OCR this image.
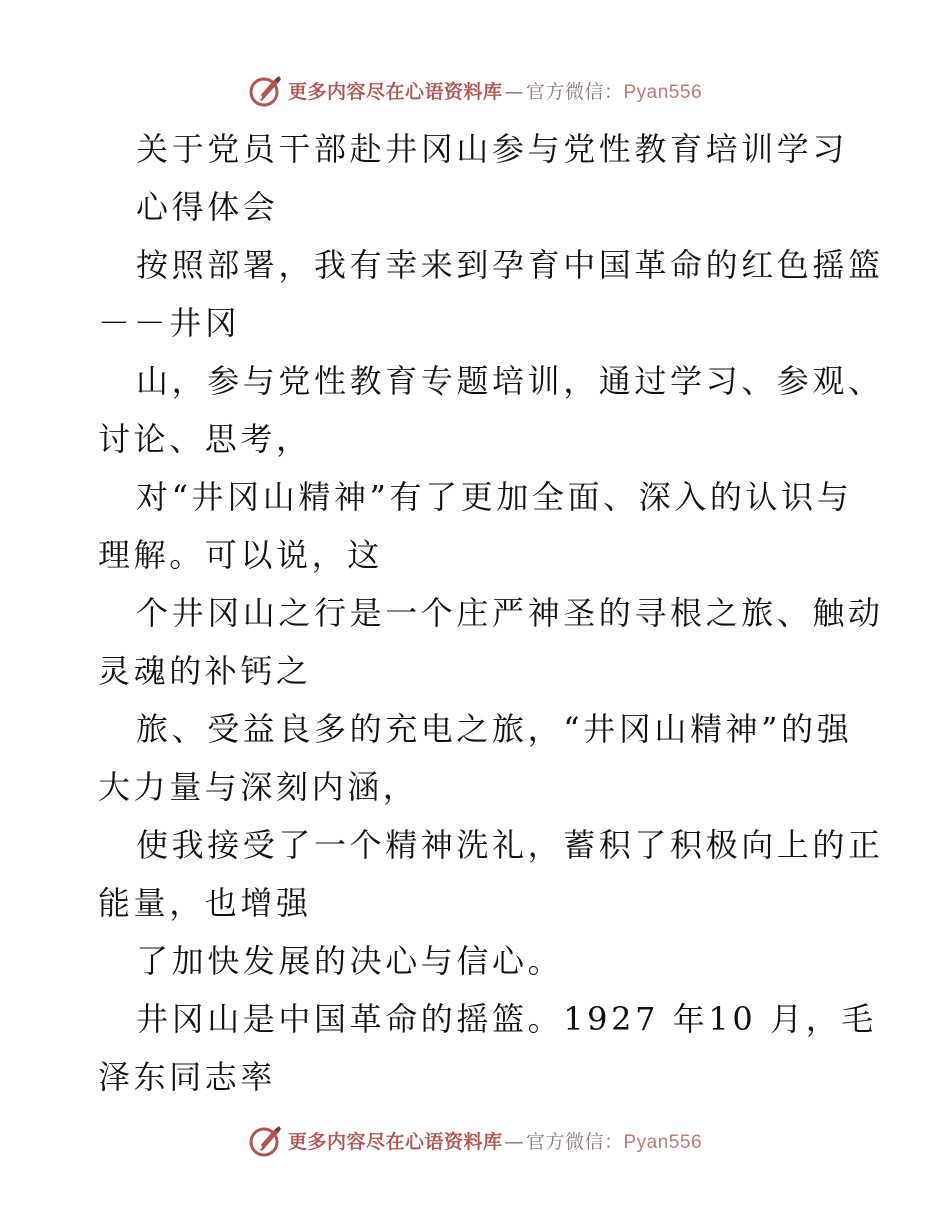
更多内容尽在心语资料库 — 官方微信：Pyan556
关于党员干部赴井冈山参与党性教育培训学习
心得体会
按照部署，我有幸来到孕育中国革命的红色摇篮
－－井冈
山，参与党性教育专题培训，通过学习、参观、
讨论、思考，
对“井冈山精神”有了更加全面、深入的认识与
理解。可以说，这
个井冈山之行是一个庄严神圣的寻根之旅、触动
灵魂的补钙之
旅、受益良多的充电之旅，“井冈山精神”的强
大力量与深刻内涵，
使我接受了一个精神洗礼，蓄积了积极向上的正
能量，也增强
了加快发展的决心与信心。
井冈山是中国革命的摇篮。1927 年10 月，毛
泽东同志率
更多内容尽在心语资料库 — 官方微信：Pyan556
